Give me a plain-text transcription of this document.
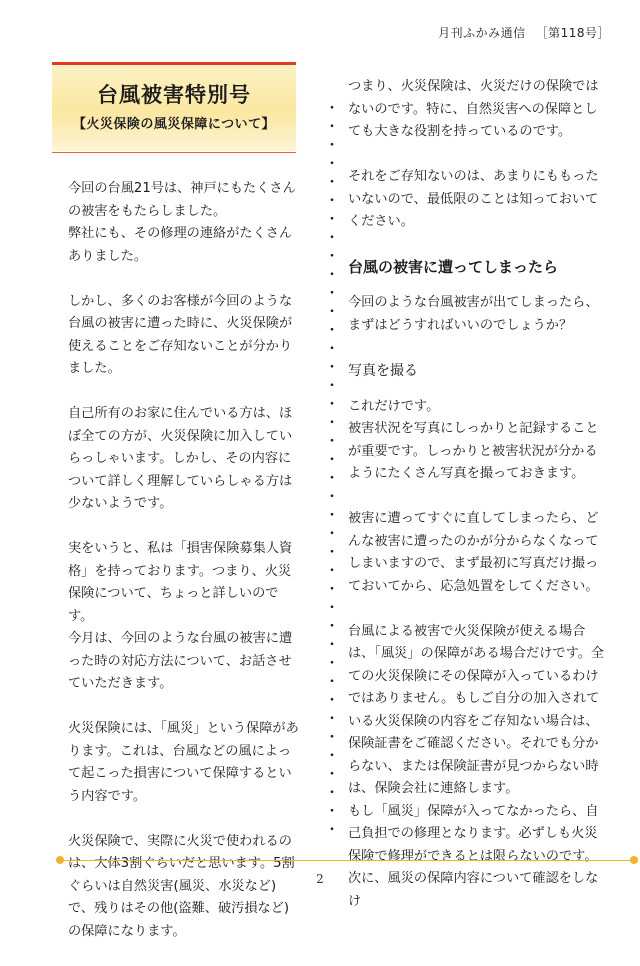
月刊ふかみ通信 ［第118号］
台風被害特別号
【火災保険の風災保障について】

今回の台風21号は、神戸にもたくさんの被害をもたらしました。
弊社にも、その修理の連絡がたくさんありました。

しかし、多くのお客様が今回のような台風の被害に遭った時に、火災保険が使えることをご存知ないことが分かりました。

自己所有のお家に住んでいる方は、ほぼ全ての方が、火災保険に加入していらっしゃいます。しかし、その内容について詳しく理解していらしゃる方は少ないようです。

実をいうと、私は「損害保険募集人資格」を持っております。つまり、火災保険について、ちょっと詳しいのです。
今月は、今回のような台風の被害に遭った時の対応方法について、お話させていただきます。

火災保険には、「風災」という保障があります。これは、台風などの風によって起こった損害について保障するという内容です。

火災保険で、実際に火災で使われるのは、大体3割ぐらいだと思います。5割ぐらいは自然災害(風災、水災など)で、残りはその他(盗難、破汚損など)の保障になります。

つまり、火災保険は、火災だけの保険ではないのです。特に、自然災害への保障としても大きな役割を持っているのです。

それをご存知ないのは、あまりにももったいないので、最低限のことは知っておいてください。

台風の被害に遭ってしまったら

今回のような台風被害が出てしまったら、まずはどうすればいいのでしょうか？

写真を撮る

これだけです。
被害状況を写真にしっかりと記録することが重要です。しっかりと被害状況が分かるようにたくさん写真を撮っておきます。

被害に遭ってすぐに直してしまったら、どんな被害に遭ったのかが分からなくなってしまいますので、まず最初に写真だけ撮っておいてから、応急処置をしてください。

台風による被害で火災保険が使える場合は、「風災」の保障がある場合だけです。全ての火災保険にその保障が入っているわけではありません。もしご自分の加入されている火災保険の内容をご存知ない場合は、保険証書をご確認ください。それでも分からない、または保険証書が見つからない時は、保険会社に連絡します。
もし「風災」保障が入ってなかったら、自己負担での修理となります。必ずしも火災保険で修理ができるとは限らないのです。
次に、風災の保障内容について確認をしなけ

2
